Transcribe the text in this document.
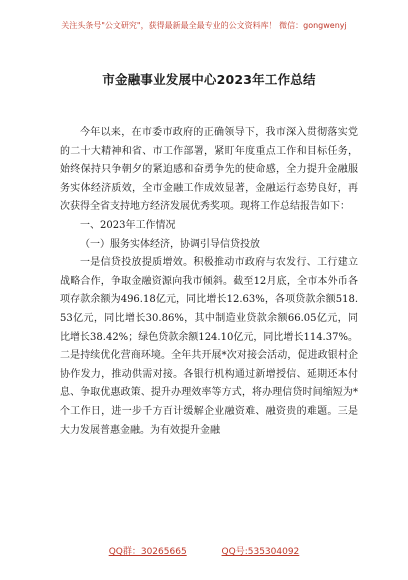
关注头条号"公文研究"，获得最新最全最专业的公文资料库！ 微信：gongwenyj
市金融事业发展中心2023年工作总结

今年以来，在市委市政府的正确领导下，我市深入贯彻落实党的二十大精神和省、市工作部署，紧盯年度重点工作和目标任务，始终保持只争朝夕的紧迫感和奋勇争先的使命感，全力提升金融服务实体经济质效，全市金融工作成效显著，金融运行态势良好，再次获得全省支持地方经济发展优秀奖项。现将工作总结报告如下：

一、2023年工作情况

（一）服务实体经济，协调引导信贷投放

一是信贷投放提质增效。积极推动市政府与农发行、工行建立战略合作，争取金融资源向我市倾斜。截至12月底，全市本外币各项存款余额为496.18亿元，同比增长12.63%，各项贷款余额518.53亿元，同比增长30.86%，其中制造业贷款余额66.05亿元，同比增长38.42%；绿色贷款余额124.10亿元，同比增长114.37%。二是持续优化营商环境。全年共开展*次对接会活动，促进政银村企协作发力，推动供需对接。各银行机构通过新增授信、延期还本付息、争取优惠政策、提升办理效率等方式，将办理信贷时间缩短为*个工作日，进一步千方百计缓解企业融资难、融资贵的难题。三是大力发展普惠金融。为有效提升金融

QQ群：30265665	QQ号:535304092
